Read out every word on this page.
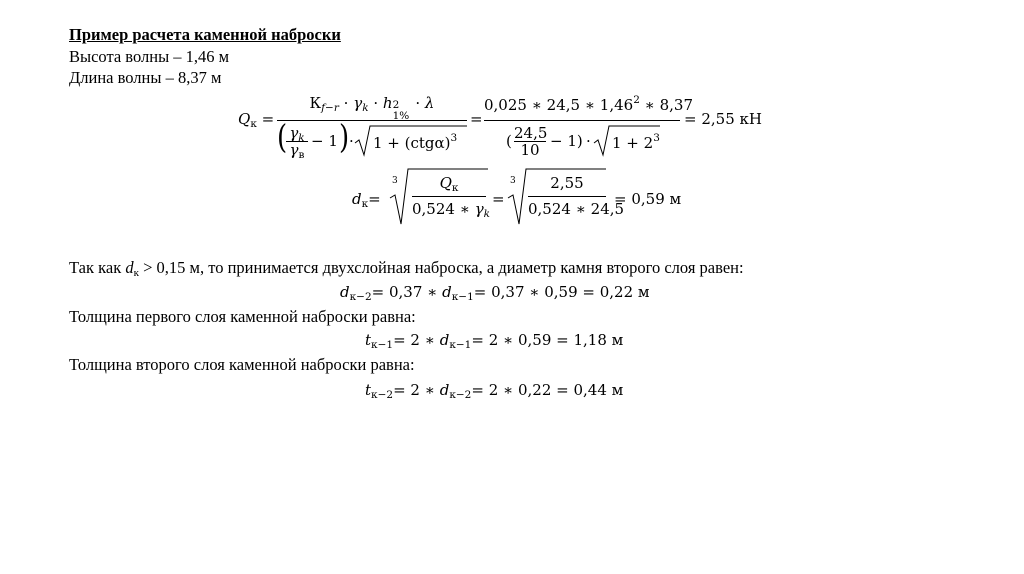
Пример расчета каменной наброски
Высота волны – 1,46 м
Длина волны – 8,37 м
$Q_к$ =
$К_{f-r} \cdot \gamma_k \cdot h$ 2
1%
· λ
( $\gamma_k$
$\gamma_в$
− 1 ) · $1 + (ctg\alpha)^3$
=
0,025 ∗ 24,5 ∗ 1,46$^2$ ∗ 8,37
( 24,5
$10 - 1) \cdot 1 + 2^3$
= 2,55 кН
$d_к=$
3	$Q_к$
0,524 ∗ $\gamma_k$
=
3	2,55
0,524 ∗ 24,5
= 0,59 м
Так как dк > 0,15 м, то принимается двухслойная наброска, а диаметр камня второго слоя равен:
$d_{к-2}= 0,37$ ∗ $d_{к-1}= 0,37$ ∗ 0,59 = 0,22 м
Толщина первого слоя каменной наброски равна:
$t_{к-1}= 2$ ∗ $d_{к-1}= 2$ ∗ 0,59 = 1,18 м
Толщина второго слоя каменной наброски равна:
$t_{к-2}= 2$ ∗ $d_{к-2}= 2$ ∗ 0,22 = 0,44 м
